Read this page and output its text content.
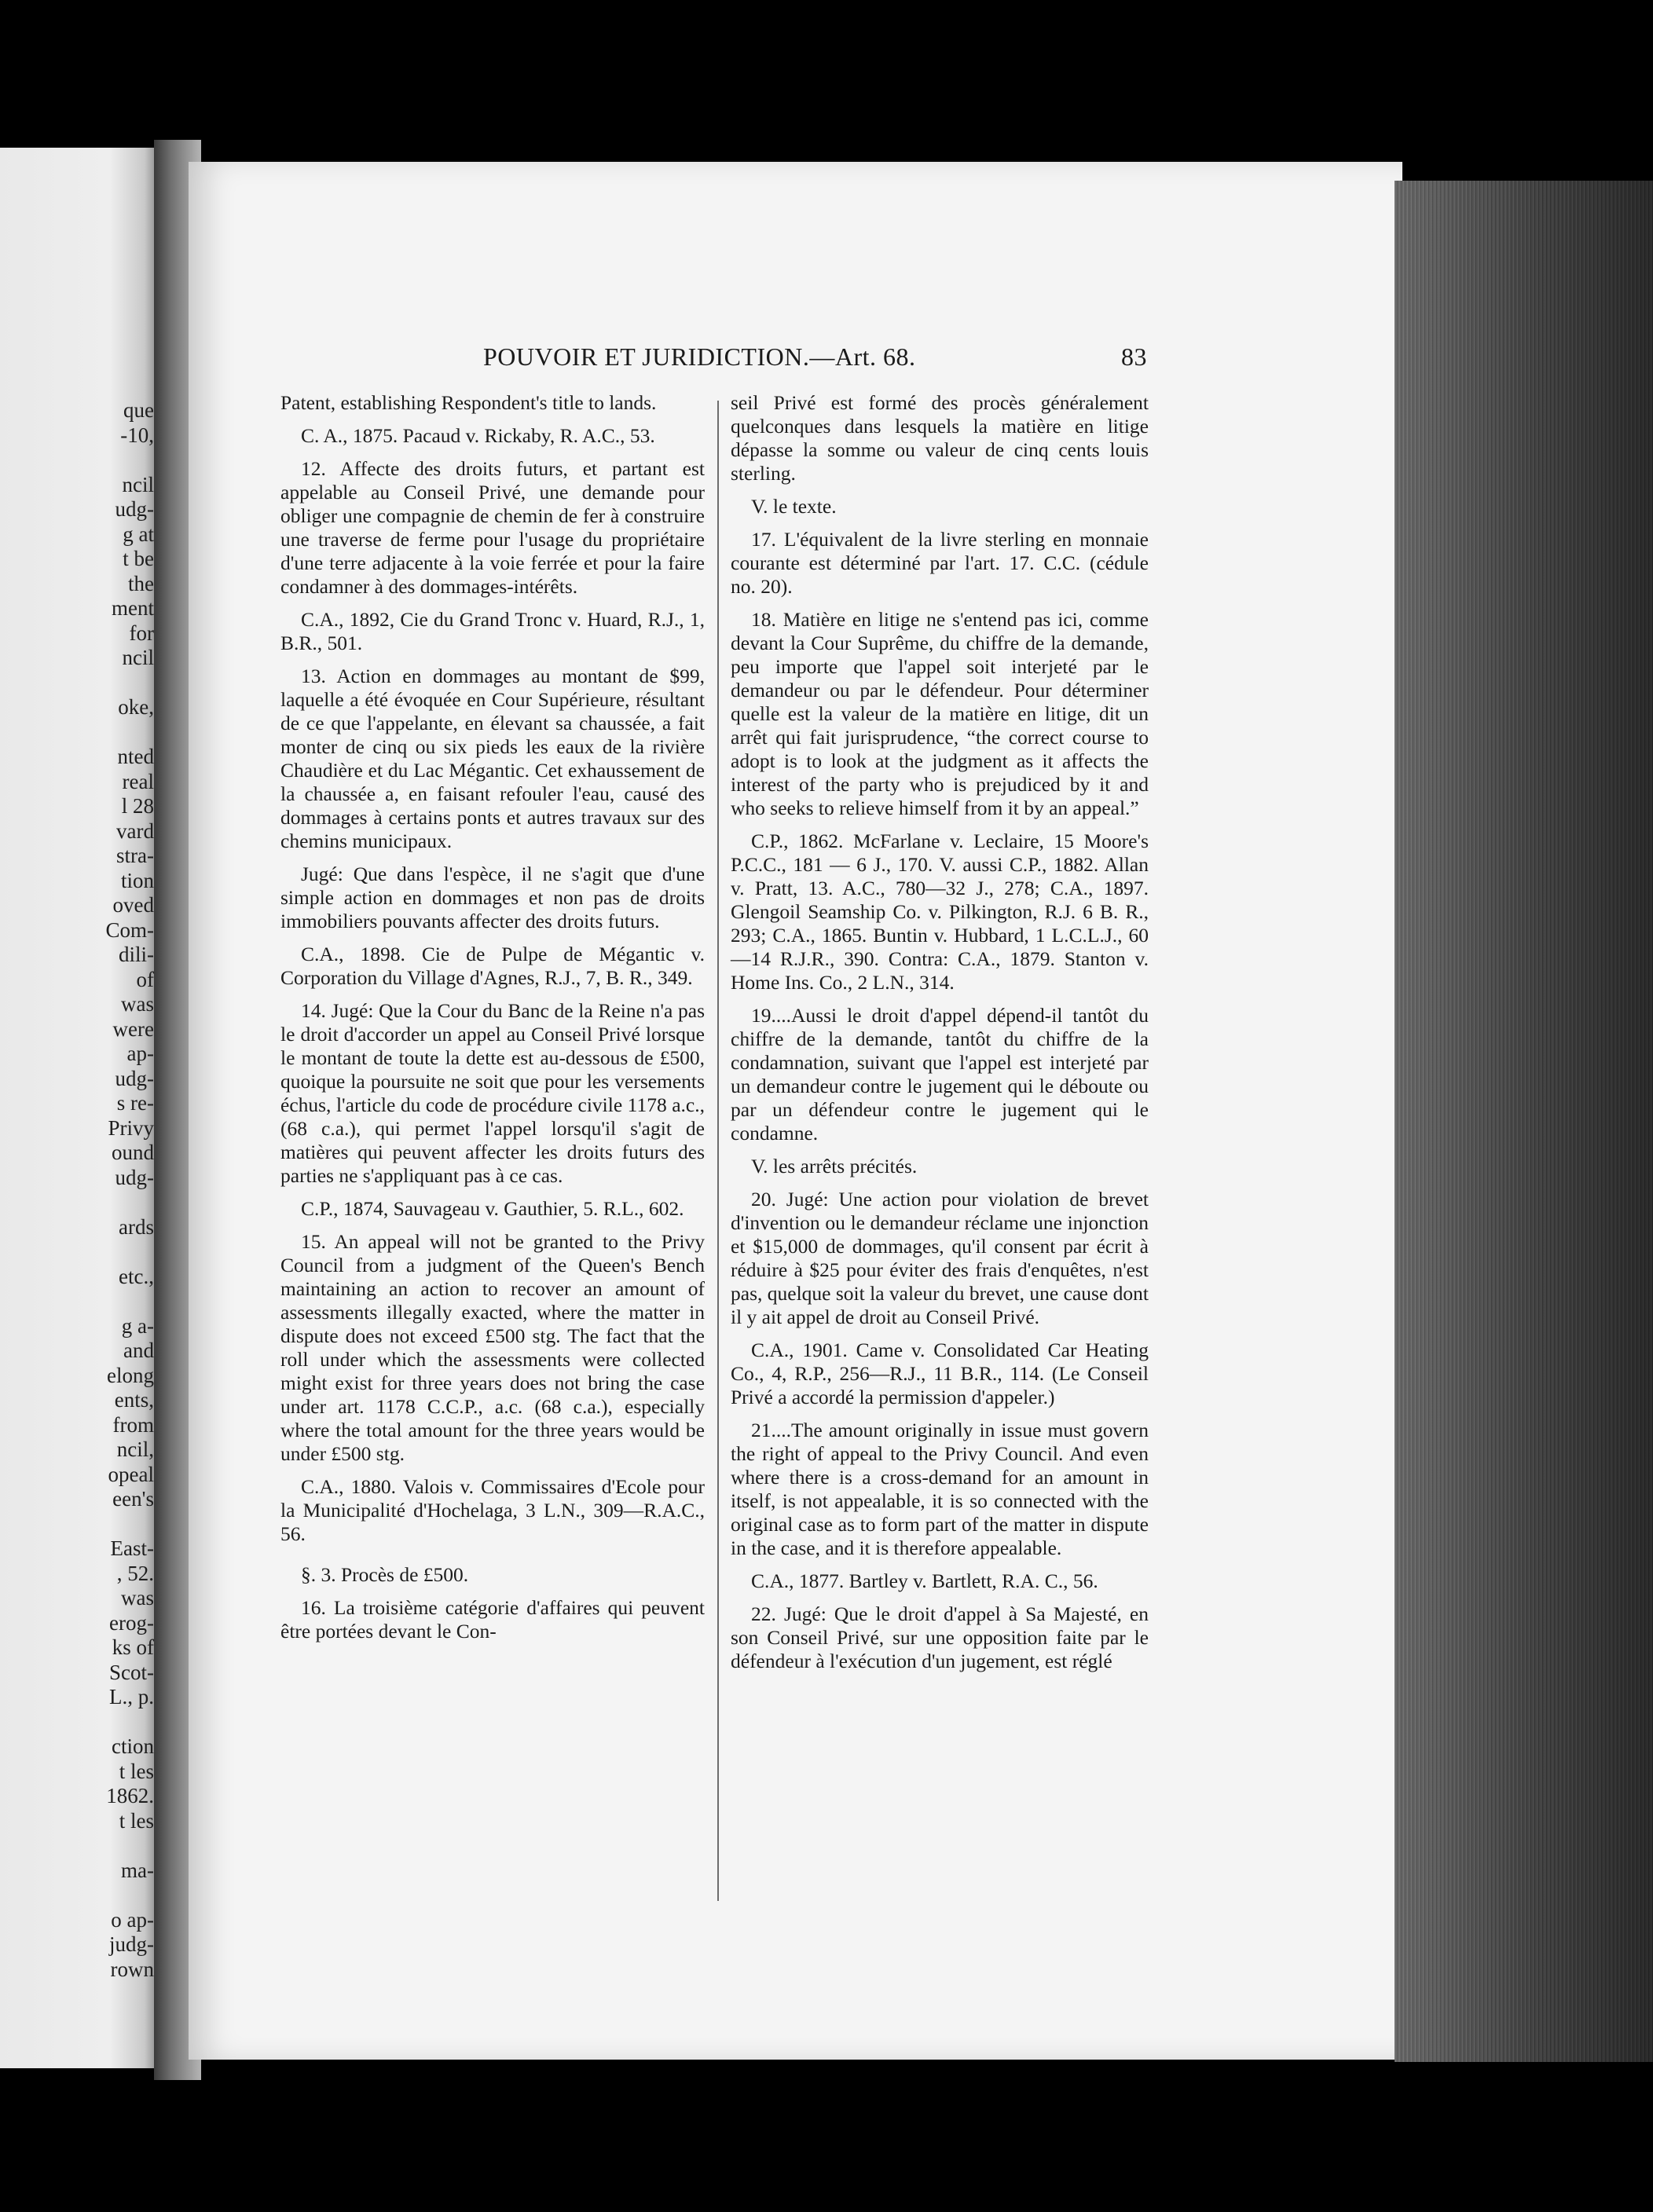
que
-10,
ncil
udg-
g at
t be
the
ment
for
ncil
oke,
nted
real
l 28
vard
stra-
tion
oved
Com-
dili-
of
was
were
ap-
udg-
s re-
Privy
ound
udg-
ards
etc.,
g a-
and
elong
ents,
from
ncil,
opeal
een's
East-
, 52.
was
erog-
ks of
Scot-
L., p.
ction
t les
1862.
t les
ma-
o ap-
judg-
rown
POUVOIR ET JURIDICTION.—Art. 68.	83

Patent, establishing Respondent's title to lands.

C. A., 1875. Pacaud v. Rickaby, R. A.C., 53.

12. Affecte des droits futurs, et partant est appelable au Conseil Privé, une demande pour obliger une compagnie de chemin de fer à construire une traverse de ferme pour l'usage du propriétaire d'une terre adjacente à la voie ferrée et pour la faire condamner à des dommages-intérêts.

C.A., 1892, Cie du Grand Tronc v. Huard, R.J., 1, B.R., 501.

13. Action en dommages au montant de $99, laquelle a été évoquée en Cour Supérieure, résultant de ce que l'appelante, en élevant sa chaussée, a fait monter de cinq ou six pieds les eaux de la rivière Chaudière et du Lac Mégantic. Cet exhaussement de la chaussée a, en faisant refouler l'eau, causé des dommages à certains ponts et autres travaux sur des chemins municipaux.

Jugé: Que dans l'espèce, il ne s'agit que d'une simple action en dommages et non pas de droits immobiliers pouvants affecter des droits futurs.

C.A., 1898. Cie de Pulpe de Mégantic v. Corporation du Village d'Agnes, R.J., 7, B. R., 349.

14. Jugé: Que la Cour du Banc de la Reine n'a pas le droit d'accorder un appel au Conseil Privé lorsque le montant de toute la dette est au-dessous de £500, quoique la poursuite ne soit que pour les versements échus, l'article du code de procédure civile 1178 a.c., (68 c.a.), qui permet l'appel lorsqu'il s'agit de matières qui peuvent affecter les droits futurs des parties ne s'appliquant pas à ce cas.

C.P., 1874, Sauvageau v. Gauthier, 5. R.L., 602.

15. An appeal will not be granted to the Privy Council from a judgment of the Queen's Bench maintaining an action to recover an amount of assessments illegally exacted, where the matter in dispute does not exceed £500 stg. The fact that the roll under which the assessments were collected might exist for three years does not bring the case under art. 1178 C.C.P., a.c. (68 c.a.), especially where the total amount for the three years would be under £500 stg.

C.A., 1880. Valois v. Commissaires d'Ecole pour la Municipalité d'Hochelaga, 3 L.N., 309—R.A.C., 56.

§. 3. Procès de £500.

16. La troisième catégorie d'affaires qui peuvent être portées devant le Con-

seil Privé est formé des procès généralement quelconques dans lesquels la matière en litige dépasse la somme ou valeur de cinq cents louis sterling.

V. le texte.

17. L'équivalent de la livre sterling en monnaie courante est déterminé par l'art. 17. C.C. (cédule no. 20).

18. Matière en litige ne s'entend pas ici, comme devant la Cour Suprême, du chiffre de la demande, peu importe que l'appel soit interjeté par le demandeur ou par le défendeur. Pour déterminer quelle est la valeur de la matière en litige, dit un arrêt qui fait jurisprudence, “the correct course to adopt is to look at the judgment as it affects the interest of the party who is prejudiced by it and who seeks to relieve himself from it by an appeal.”

C.P., 1862. McFarlane v. Leclaire, 15 Moore's P.C.C., 181 — 6 J., 170. V. aussi C.P., 1882. Allan v. Pratt, 13. A.C., 780—32 J., 278; C.A., 1897. Glengoil Seamship Co. v. Pilkington, R.J. 6 B. R., 293; C.A., 1865. Buntin v. Hubbard, 1 L.C.L.J., 60—14 R.J.R., 390. Contra: C.A., 1879. Stanton v. Home Ins. Co., 2 L.N., 314.

19....Aussi le droit d'appel dépend-il tantôt du chiffre de la demande, tantôt du chiffre de la condamnation, suivant que l'appel est interjeté par un demandeur contre le jugement qui le déboute ou par un défendeur contre le jugement qui le condamne.

V. les arrêts précités.

20. Jugé: Une action pour violation de brevet d'invention ou le demandeur réclame une injonction et $15,000 de dommages, qu'il consent par écrit à réduire à $25 pour éviter des frais d'enquêtes, n'est pas, quelque soit la valeur du brevet, une cause dont il y ait appel de droit au Conseil Privé.

C.A., 1901. Came v. Consolidated Car Heating Co., 4, R.P., 256—R.J., 11 B.R., 114. (Le Conseil Privé a accordé la permission d'appeler.)

21....The amount originally in issue must govern the right of appeal to the Privy Council. And even where there is a cross-demand for an amount in itself, is not appealable, it is so connected with the original case as to form part of the matter in dispute in the case, and it is therefore appealable.

C.A., 1877. Bartley v. Bartlett, R.A. C., 56.

22. Jugé: Que le droit d'appel à Sa Majesté, en son Conseil Privé, sur une opposition faite par le défendeur à l'exécution d'un jugement, est réglé
